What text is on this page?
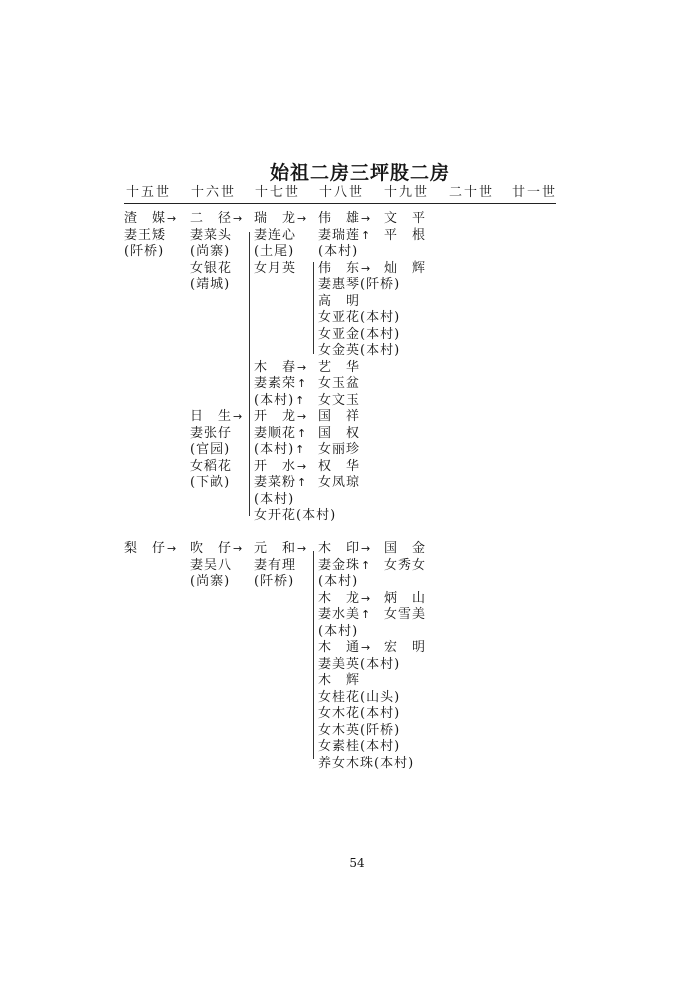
始祖二房三坪股二房
十五世 十六世 十七世 十八世 十九世 二十世 廿一世
渣　媒→
妻王矮
(阡桥)
二　径→
妻菜头
(尚寨)
女银花
(靖城)
瑞　龙→
妻连心
(土尾)
女月英
伟　雄→
妻瑞莲↑
(本村)
伟　东→
妻惠琴(阡桥)
高　明
女亚花(本村)
女亚金(本村)
女金英(本村)
文　平
平　根
灿　辉
木　春→
妻素荣↑
(本村)↑
艺　华
女玉盆
女文玉
日　生→
妻张仔
(官园)
女稻花
(下畝)
开　龙→
妻顺花↑
(本村)↑
开　水→
妻菜粉↑
(本村)
女开花(本村)
国　祥
国　权
女丽珍
权　华
女凤琼
梨　仔→ 吹　仔→
妻吴八
(尚寨)
元　和→
妻有理
(阡桥)
木　印→
妻金珠↑
(本村)
木　龙→
妻水美↑
(本村)
木　通→
妻美英(本村)
木　辉
女桂花(山头)
女木花(本村)
女木英(阡桥)
女素桂(本村)
养女木珠(本村)
国　金
女秀女
炳　山
女雪美
宏　明
54
